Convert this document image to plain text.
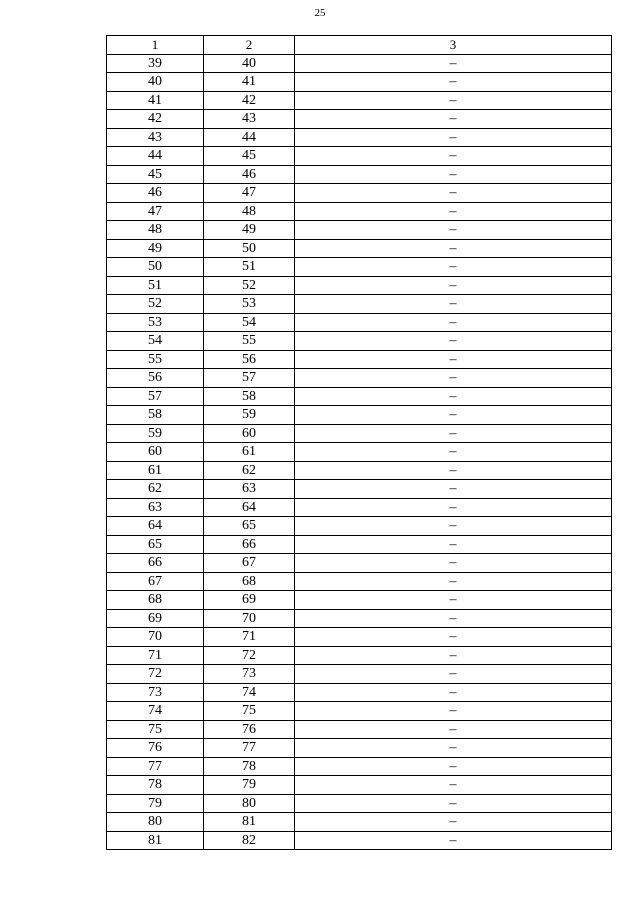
25
1	2	3
39	40	–
40	41	–
41	42	–
42	43	–
43	44	–
44	45	–
45	46	–
46	47	–
47	48	–
48	49	–
49	50	–
50	51	–
51	52	–
52	53	–
53	54	–
54	55	–
55	56	–
56	57	–
57	58	–
58	59	–
59	60	–
60	61	–
61	62	–
62	63	–
63	64	–
64	65	–
65	66	–
66	67	–
67	68	–
68	69	–
69	70	–
70	71	–
71	72	–
72	73	–
73	74	–
74	75	–
75	76	–
76	77	–
77	78	–
78	79	–
79	80	–
80	81	–
81	82	–
